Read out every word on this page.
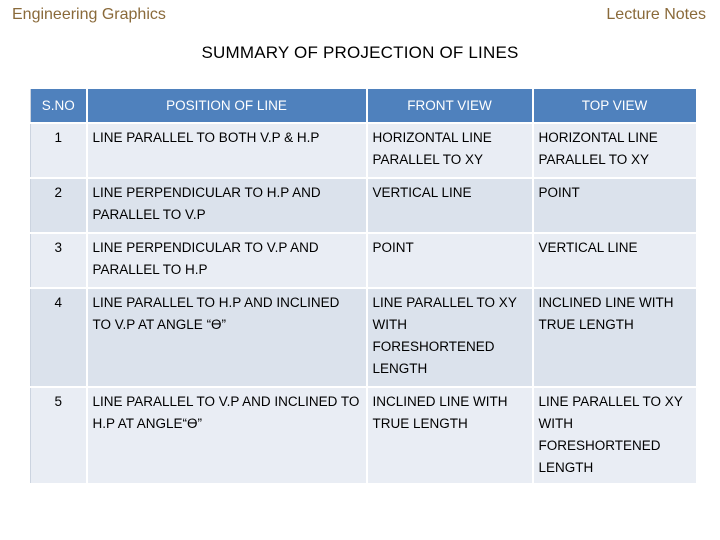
Engineering Graphics	Lecture Notes
SUMMARY OF PROJECTION OF LINES
S.NO	POSITION OF LINE	FRONT VIEW	TOP VIEW
1	LINE PARALLEL TO BOTH V.P & H.P	HORIZONTAL LINE PARALLEL TO XY	HORIZONTAL LINE PARALLEL TO XY
2	LINE PERPENDICULAR TO H.P AND PARALLEL TO V.P	VERTICAL LINE	POINT
3	LINE PERPENDICULAR TO V.P AND PARALLEL TO H.P	POINT	VERTICAL LINE
4	LINE PARALLEL TO H.P AND INCLINED TO V.P AT ANGLE “Ɵ”	LINE PARALLEL TO XY WITH FORESHORTENED LENGTH	INCLINED LINE WITH TRUE LENGTH
5	LINE PARALLEL TO V.P AND INCLINED TO H.P AT ANGLE“Ɵ”	INCLINED LINE WITH TRUE LENGTH	LINE PARALLEL TO XY WITH FORESHORTENED LENGTH
